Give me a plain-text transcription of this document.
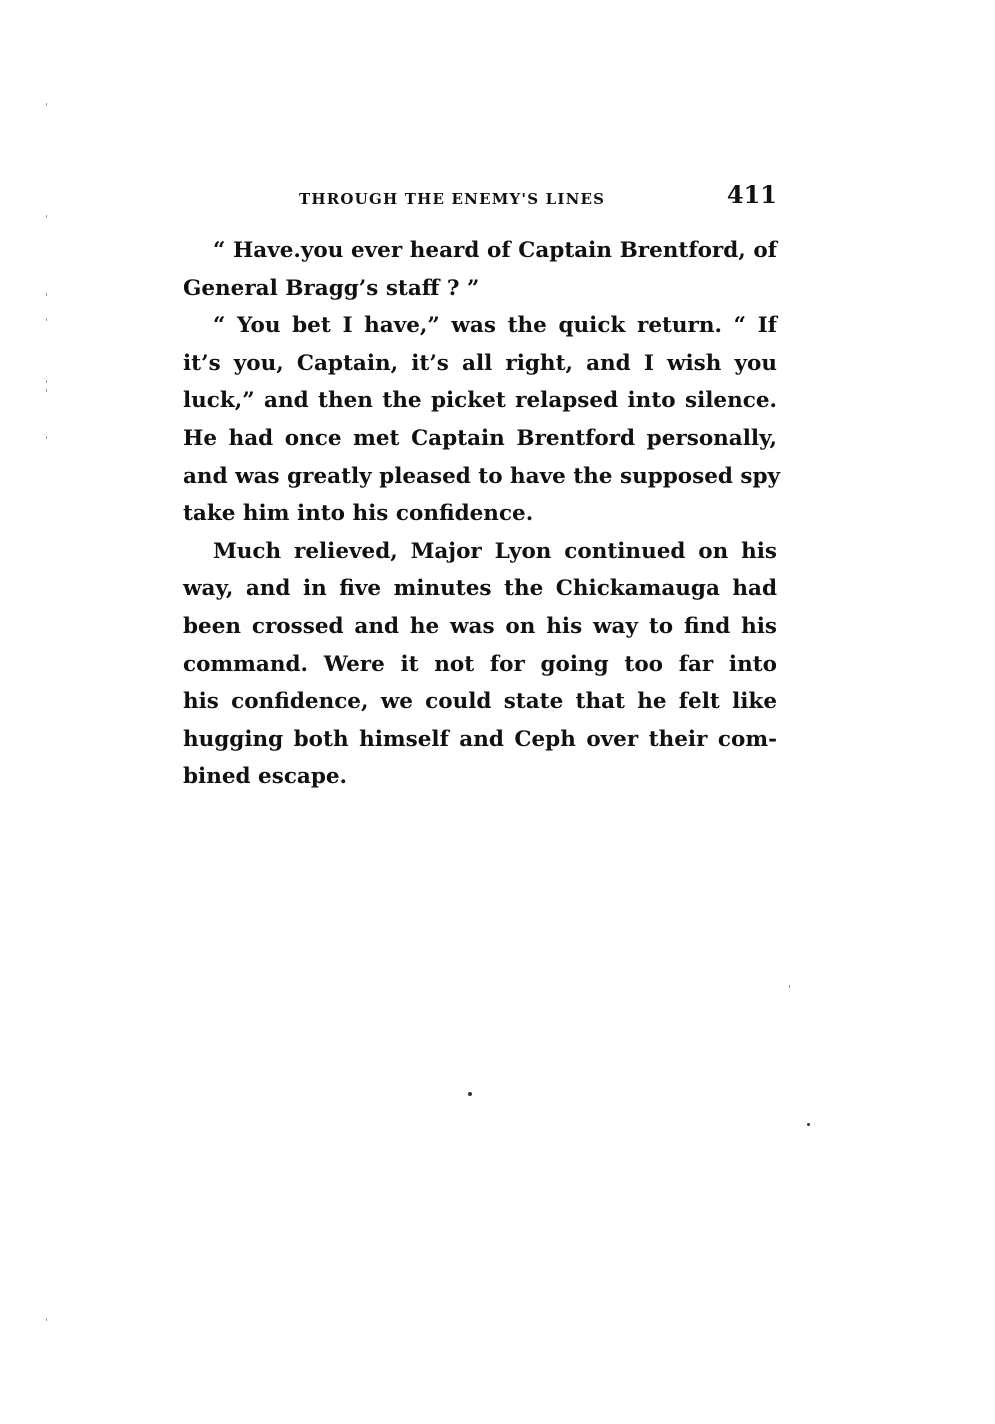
THROUGH THE ENEMY'S LINES	411
“ Have.you ever heard of Captain Brentford, of
General Bragg’s staff ? ”
“ You bet I have,” was the quick return. “ If
it’s you, Captain, it’s all right, and I wish you
luck,” and then the picket relapsed into silence.
He had once met Captain Brentford personally,
and was greatly pleased to have the supposed spy
take him into his confidence.
Much relieved, Major Lyon continued on his
way, and in five minutes the Chickamauga had
been crossed and he was on his way to find his
command. Were it not for going too far into
his confidence, we could state that he felt like
hugging both himself and Ceph over their com-
bined escape.
